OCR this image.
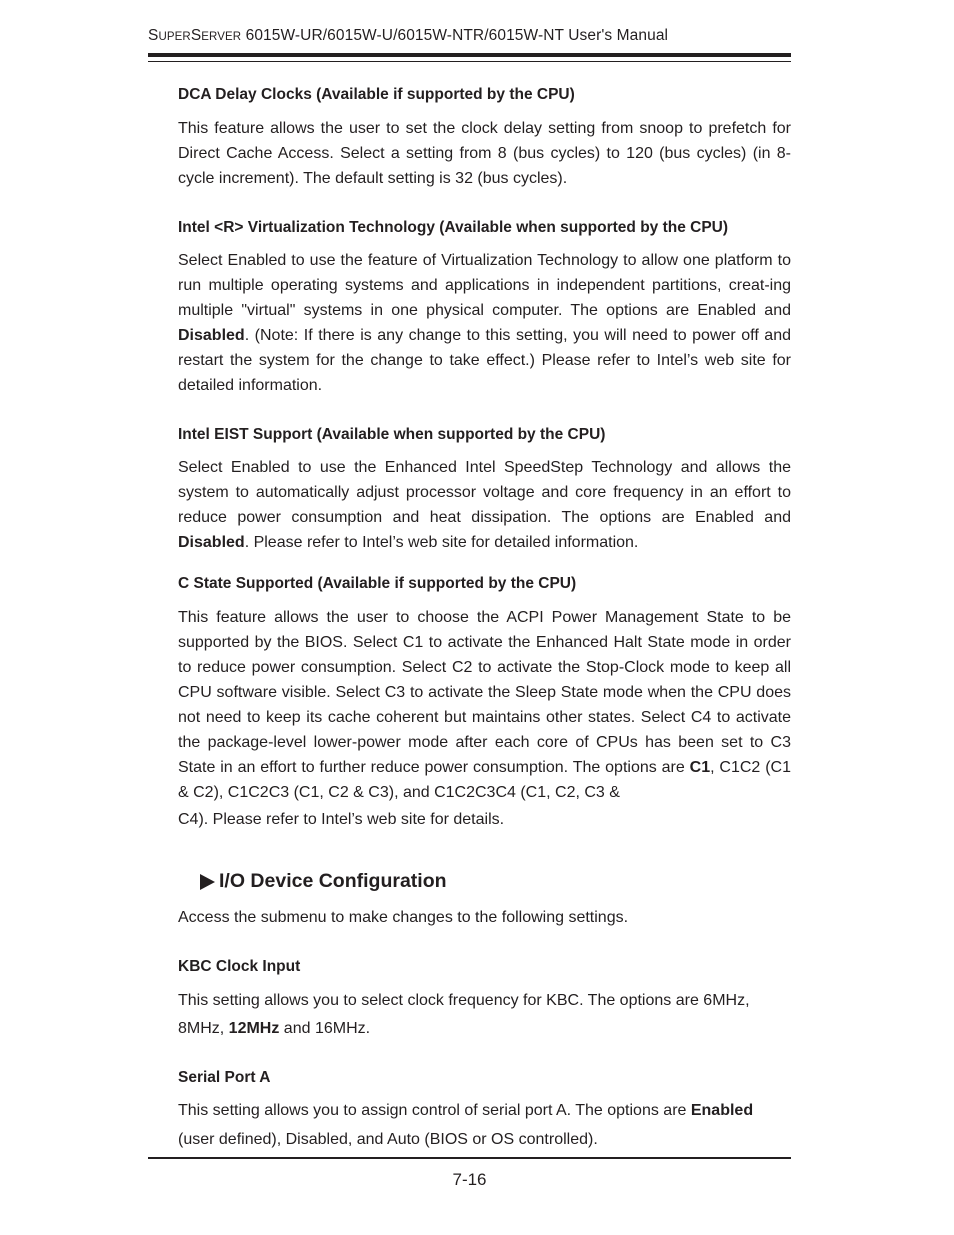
SUPERSERVER 6015W-UR/6015W-U/6015W-NTR/6015W-NT User's Manual
DCA Delay Clocks (Available if supported by the CPU)

This feature allows the user to set the clock delay setting from snoop to prefetch for Direct Cache Access. Select a setting from 8 (bus cycles) to 120 (bus cycles) (in 8-cycle increment). The default setting is 32 (bus cycles).

Intel <R> Virtualization Technology (Available when supported by the CPU)

Select Enabled to use the feature of Virtualization Technology to allow one platform to run multiple operating systems and applications in independent partitions, creat-ing multiple "virtual" systems in one physical computer. The options are Enabled and Disabled. (Note: If there is any change to this setting, you will need to power off and restart the system for the change to take effect.) Please refer to Intel’s web site for detailed information.

Intel EIST Support (Available when supported by the CPU)

Select Enabled to use the Enhanced Intel SpeedStep Technology and allows the system to automatically adjust processor voltage and core frequency in an effort to reduce power consumption and heat dissipation. The options are Enabled and Disabled. Please refer to Intel’s web site for detailed information.

C State Supported (Available if supported by the CPU)

This feature allows the user to choose the ACPI Power Management State to be supported by the BIOS. Select C1 to activate the Enhanced Halt State mode in order to reduce power consumption. Select C2 to activate the Stop-Clock mode to keep all CPU software visible. Select C3 to activate the Sleep State mode when the CPU does not need to keep its cache coherent but maintains other states. Select C4 to activate the package-level lower-power mode after each core of CPUs has been set to C3 State in an effort to further reduce power consumption. The options are C1, C1C2 (C1 & C2), C1C2C3 (C1, C2 & C3), and C1C2C3C4 (C1, C2, C3 &

C4). Please refer to Intel’s web site for details.

I/O Device Configuration

Access the submenu to make changes to the following settings.

KBC Clock Input

This setting allows you to select clock frequency for KBC. The options are 6MHz,

8MHz, 12MHz and 16MHz.

Serial Port A

This setting allows you to assign control of serial port A. The options are Enabled

(user defined), Disabled, and Auto (BIOS or OS controlled).

7-16
